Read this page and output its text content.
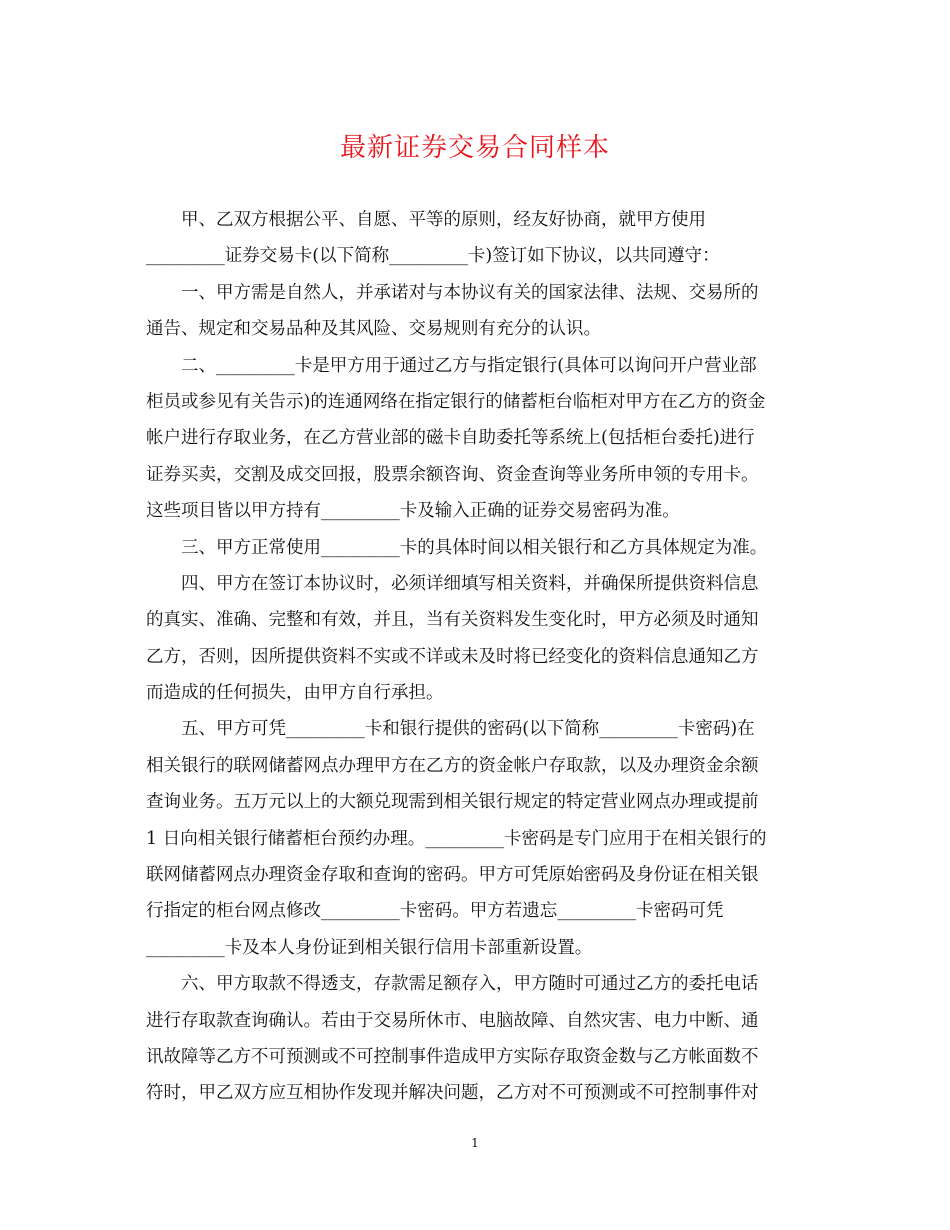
最新证券交易合同样本
甲、乙双方根据公平、自愿、平等的原则，经友好协商，就甲方使用
_________证券交易卡(以下简称_________卡)签订如下协议，以共同遵守：
一、甲方需是自然人，并承诺对与本协议有关的国家法律、法规、交易所的
通告、规定和交易品种及其风险、交易规则有充分的认识。
二、_________卡是甲方用于通过乙方与指定银行(具体可以询问开户营业部
柜员或参见有关告示)的连通网络在指定银行的储蓄柜台临柜对甲方在乙方的资金
帐户进行存取业务，在乙方营业部的磁卡自助委托等系统上(包括柜台委托)进行
证券买卖，交割及成交回报，股票余额咨询、资金查询等业务所申领的专用卡。
这些项目皆以甲方持有_________卡及输入正确的证券交易密码为准。
三、甲方正常使用_________卡的具体时间以相关银行和乙方具体规定为准。
四、甲方在签订本协议时，必须详细填写相关资料，并确保所提供资料信息
的真实、准确、完整和有效，并且，当有关资料发生变化时，甲方必须及时通知
乙方，否则，因所提供资料不实或不详或未及时将已经变化的资料信息通知乙方
而造成的任何损失，由甲方自行承担。
五、甲方可凭_________卡和银行提供的密码(以下简称_________卡密码)在
相关银行的联网储蓄网点办理甲方在乙方的资金帐户存取款，以及办理资金余额
查询业务。五万元以上的大额兑现需到相关银行规定的特定营业网点办理或提前
1 日向相关银行储蓄柜台预约办理。_________卡密码是专门应用于在相关银行的
联网储蓄网点办理资金存取和查询的密码。甲方可凭原始密码及身份证在相关银
行指定的柜台网点修改_________卡密码。甲方若遗忘_________卡密码可凭
_________卡及本人身份证到相关银行信用卡部重新设置。
六、甲方取款不得透支，存款需足额存入，甲方随时可通过乙方的委托电话
进行存取款查询确认。若由于交易所休市、电脑故障、自然灾害、电力中断、通
讯故障等乙方不可预测或不可控制事件造成甲方实际存取资金数与乙方帐面数不
符时，甲乙双方应互相协作发现并解决问题，乙方对不可预测或不可控制事件对
1
